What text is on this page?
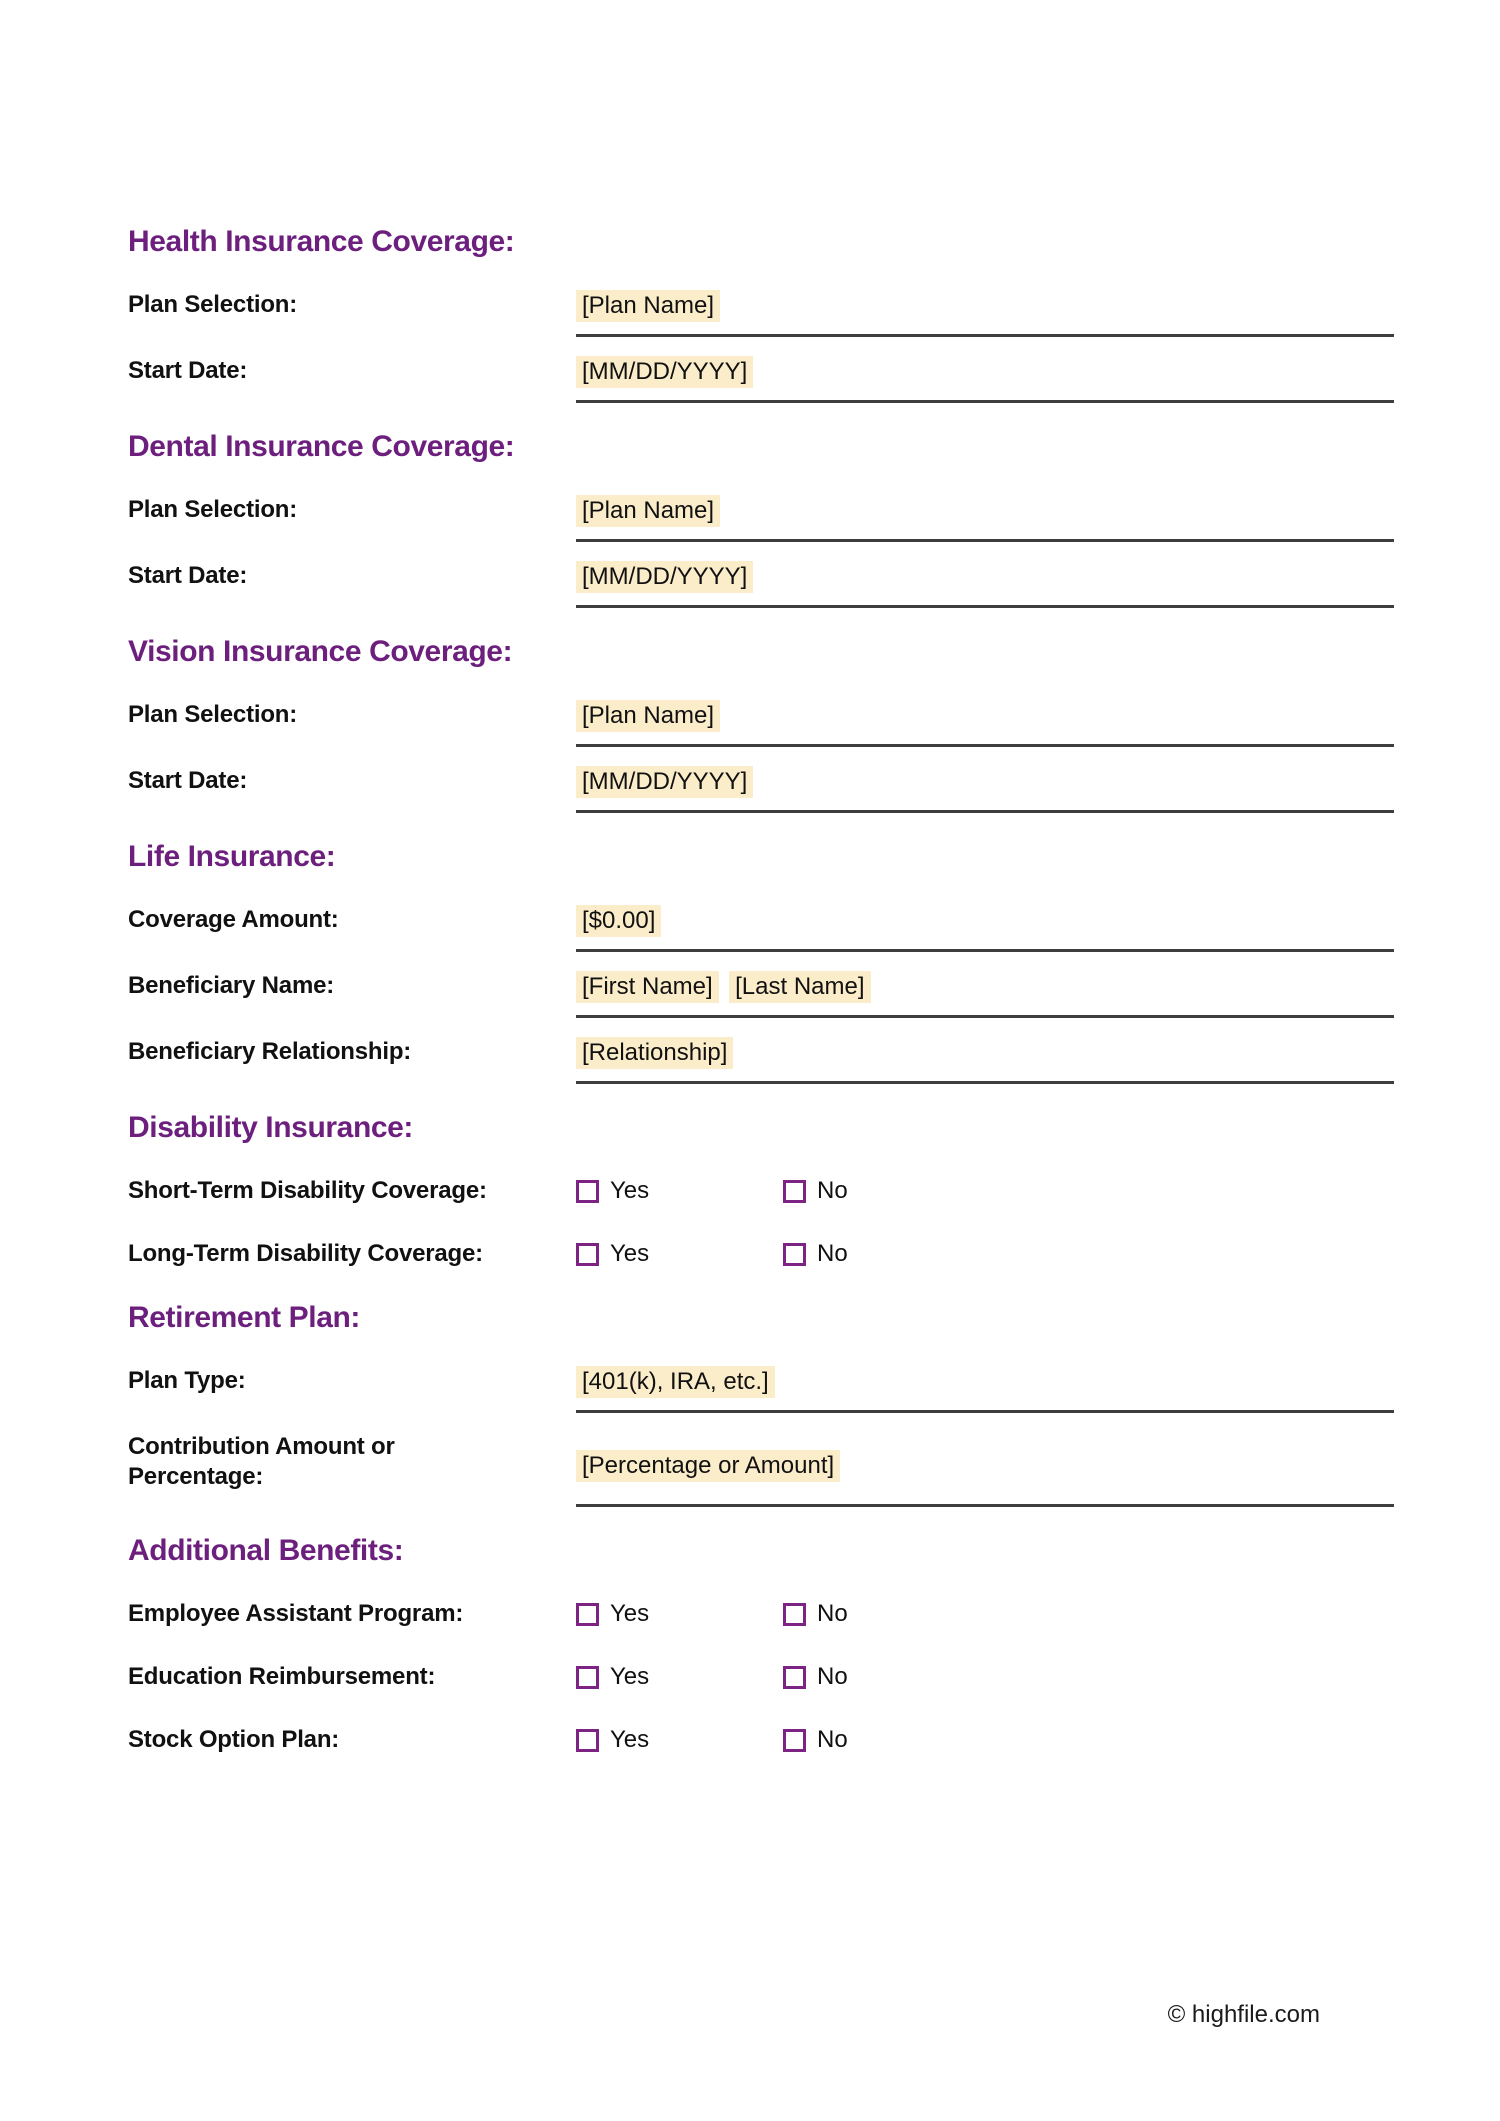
Health Insurance Coverage:
Plan Selection:	[Plan Name]
Start Date:	[MM/DD/YYYY]
Dental Insurance Coverage:
Plan Selection:	[Plan Name]
Start Date:	[MM/DD/YYYY]
Vision Insurance Coverage:
Plan Selection:	[Plan Name]
Start Date:	[MM/DD/YYYY]
Life Insurance:
Coverage Amount:	[$0.00]
Beneficiary Name:	[First Name] [Last Name]
Beneficiary Relationship:	[Relationship]
Disability Insurance:
Short-Term Disability Coverage:	Yes	No
Long-Term Disability Coverage:	Yes	No
Retirement Plan:
Plan Type:	[401(k), IRA, etc.]
Contribution Amount or Percentage:	[Percentage or Amount]
Additional Benefits:
Employee Assistant Program:	Yes	No
Education Reimbursement:	Yes	No
Stock Option Plan:	Yes	No
© highfile.com
